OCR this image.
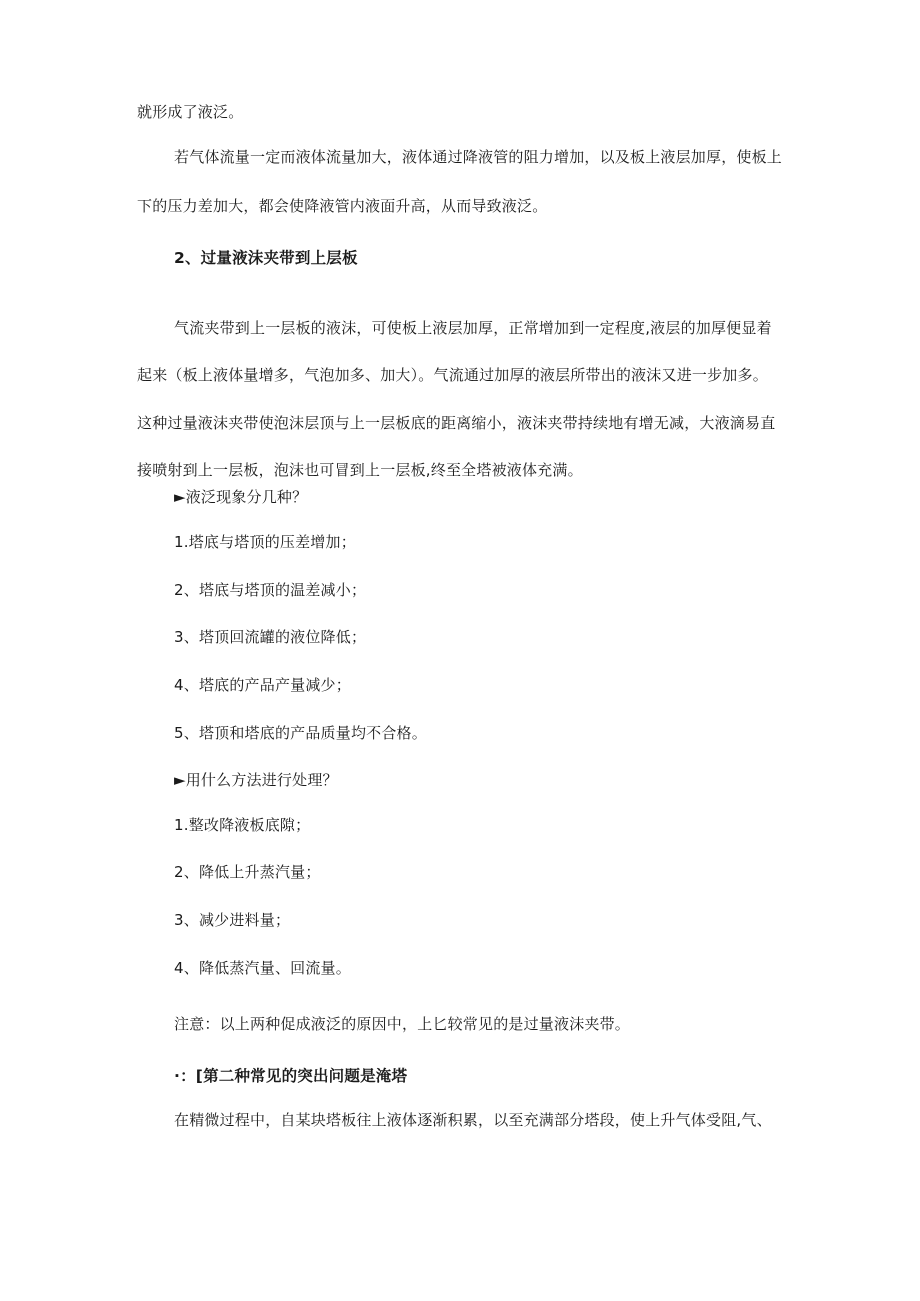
就形成了液泛。
若气体流量一定而液体流量加大，液体通过降液管的阻力增加，以及板上液层加厚，使板上
下的压力差加大，都会使降液管内液面升高，从而导致液泛。
2、过量液沫夹带到上层板
气流夹带到上一层板的液沫，可使板上液层加厚，正常增加到一定程度,液层的加厚便显着
起来（板上液体量增多，气泡加多、加大）。气流通过加厚的液层所带出的液沫又进一步加多。
这种过量液沫夹带使泡沫层顶与上一层板底的距离缩小，液沫夹带持续地有增无减，大液滴易直
接喷射到上一层板，泡沫也可冒到上一层板,终至全塔被液体充满。
►液泛现象分几种？
1.塔底与塔顶的压差增加；
2、塔底与塔顶的温差减小；
3、塔顶回流罐的液位降低；
4、塔底的产品产量减少；
5、塔顶和塔底的产品质量均不合格。
►用什么方法进行处理？
1.整改降液板底隙；
2、降低上升蒸汽量；
3、减少进料量；
4、降低蒸汽量、回流量。
注意：以上两种促成液泛的原因中，上匕较常见的是过量液沫夹带。
·：[第二种常见的突出问题是淹塔
在精微过程中，自某块塔板往上液体逐渐积累，以至充满部分塔段，使上升气体受阻,气、
